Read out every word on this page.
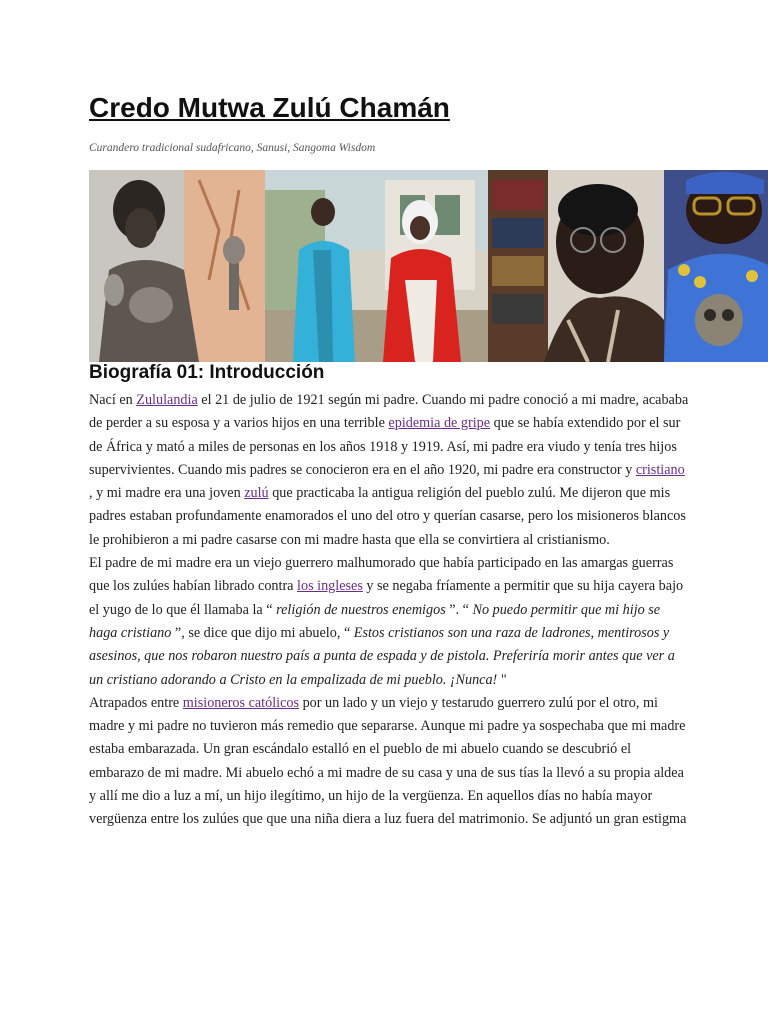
Credo Mutwa Zulú Chamán
Curandero tradicional sudafricano, Sanusi, Sangoma Wisdom
Biografía 01: Introducción

Nací en Zululandia el 21 de julio de 1921 según mi padre. Cuando mi padre conoció a mi madre, acababa de perder a su esposa y a varios hijos en una terrible epidemia de gripe que se había extendido por el sur de África y mató a miles de personas en los años 1918 y 1919. Así, mi padre era viudo y tenía tres hijos supervivientes. Cuando mis padres se conocieron era en el año 1920, mi padre era constructor y cristiano , y mi madre era una joven zulú que practicaba la antigua religión del pueblo zulú. Me dijeron que mis padres estaban profundamente enamorados el uno del otro y querían casarse, pero los misioneros blancos le prohibieron a mi padre casarse con mi madre hasta que ella se convirtiera al cristianismo.

El padre de mi madre era un viejo guerrero malhumorado que había participado en las amargas guerras que los zulúes habían librado contra los ingleses y se negaba fríamente a permitir que su hija cayera bajo el yugo de lo que él llamaba la “ religión de nuestros enemigos ”. “ No puedo permitir que mi hijo se haga cristiano ”, se dice que dijo mi abuelo, “ Estos cristianos son una raza de ladrones, mentirosos y asesinos, que nos robaron nuestro país a punta de espada y de pistola. Preferiría morir antes que ver a un cristiano adorando a Cristo en la empalizada de mi pueblo. ¡Nunca! "

Atrapados entre misioneros católicos por un lado y un viejo y testarudo guerrero zulú por el otro, mi madre y mi padre no tuvieron más remedio que separarse. Aunque mi padre ya sospechaba que mi madre estaba embarazada. Un gran escándalo estalló en el pueblo de mi abuelo cuando se descubrió el embarazo de mi madre. Mi abuelo echó a mi madre de su casa y una de sus tías la llevó a su propia aldea y allí me dio a luz a mí, un hijo ilegítimo, un hijo de la vergüenza. En aquellos días no había mayor vergüenza entre los zulúes que que una niña diera a luz fuera del matrimonio. Se adjuntó un gran estigma
